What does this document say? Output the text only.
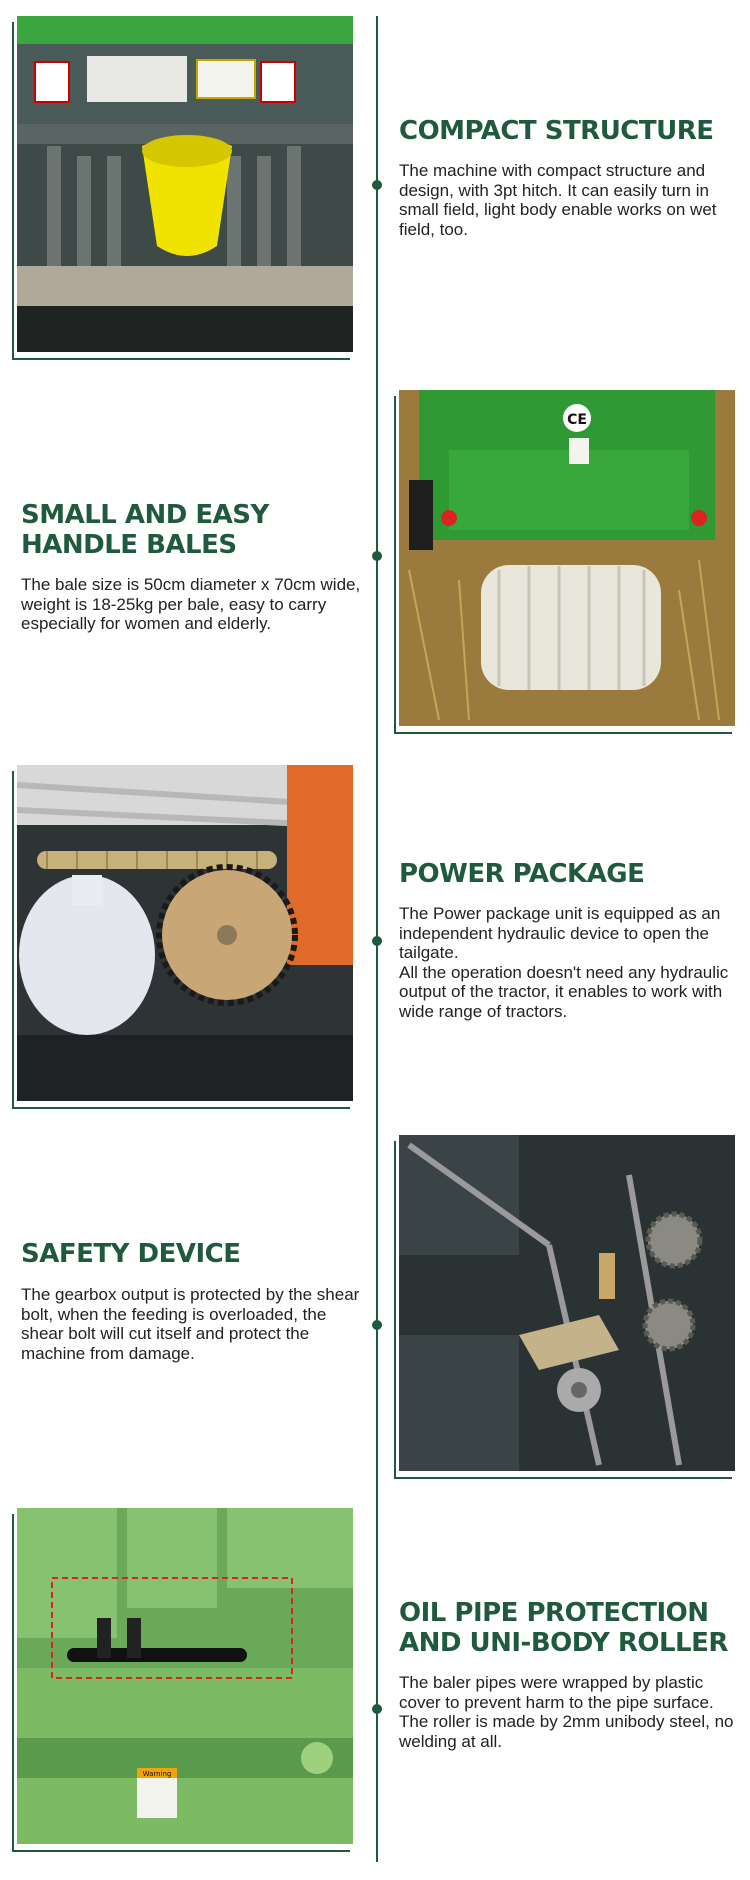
COMPACT STRUCTURE

The machine with compact structure and design, with 3pt hitch. It can easily turn in small field, light body enable works on wet field, too.

CE
SMALL AND EASY
HANDLE BALES

The bale size is 50cm diameter x 70cm wide, weight is 18-25kg per bale, easy to carry especially for women and elderly.

POWER PACKAGE

The Power package unit is equipped as an independent hydraulic device to open the tailgate.
All the operation doesn't need any hydraulic output of the tractor, it enables to work with wide range of tractors.

SAFETY DEVICE

The gearbox output is protected by the shear bolt, when the feeding is overloaded, the shear bolt will cut itself and protect the machine from damage.

Warning
OIL PIPE PROTECTION
AND UNI-BODY ROLLER

The baler pipes were wrapped by plastic cover to prevent harm to the pipe surface. The roller is made by 2mm unibody steel, no welding at all.
